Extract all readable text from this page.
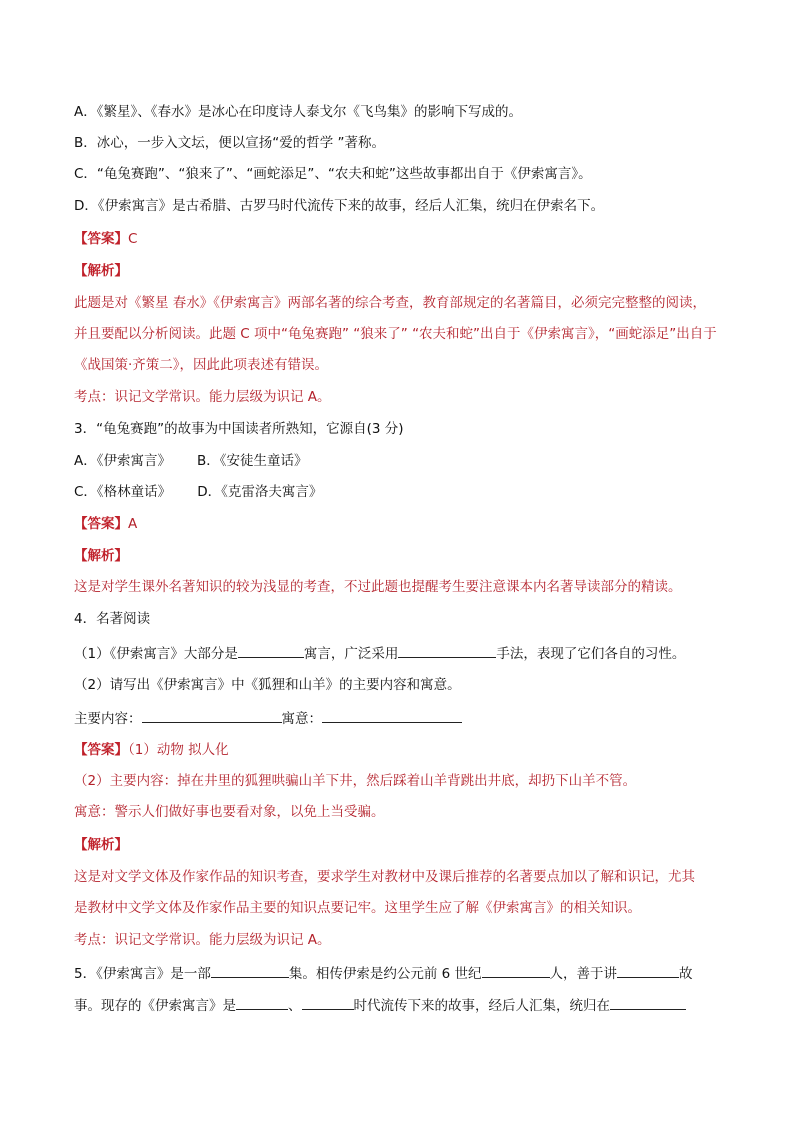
A．《繁星》、《春水》是冰心在印度诗人泰戈尔《飞鸟集》的影响下写成的。
B．冰心，一步入文坛，便以宣扬“爱的哲学 ”著称。
C．“龟兔赛跑”、“狼来了”、“画蛇添足”、“农夫和蛇”这些故事都出自于《伊索寓言》。
D．《伊索寓言》是古希腊、古罗马时代流传下来的故事，经后人汇集，统归在伊索名下。
【答案】C
【解析】
此题是对《繁星 春水》《伊索寓言》两部名著的综合考查，教育部规定的名著篇目，必须完完整整的阅读，
并且要配以分析阅读。此题 C 项中“龟兔赛跑” “狼来了” “农夫和蛇”出自于《伊索寓言》，“画蛇添足”出自于
《战国策·齐策二》，因此此项表述有错误。
考点：识记文学常识。能力层级为识记 A。
3．“龟兔赛跑”的故事为中国读者所熟知，它源自(3 分)
A．《伊索寓言》 B．《安徒生童话》
C．《格林童话》 D．《克雷洛夫寓言》
【答案】A
【解析】
这是对学生课外名著知识的较为浅显的考查，不过此题也提醒考生要注意课本内名著导读部分的精读。
4．名著阅读
（1）《伊索寓言》大部分是	寓言，广泛采用	手法，表现了它们各自的习性。
（2）请写出《伊索寓言》中《狐狸和山羊》的主要内容和寓意。
主要内容：	寓意：
【答案】（1）动物 拟人化
（2）主要内容：掉在井里的狐狸哄骗山羊下井，然后踩着山羊背跳出井底，却扔下山羊不管。
寓意：警示人们做好事也要看对象，以免上当受骗。
【解析】
这是对文学文体及作家作品的知识考查，要求学生对教材中及课后推荐的名著要点加以了解和识记，尤其
是教材中文学文体及作家作品主要的知识点要记牢。这里学生应了解《伊索寓言》的相关知识。
考点：识记文学常识。能力层级为识记 A。
5．《伊索寓言》是一部	集。相传伊索是约公元前 6 世纪	人，善于讲	故
事。现存的《伊索寓言》是	、	时代流传下来的故事，经后人汇集，统归在
